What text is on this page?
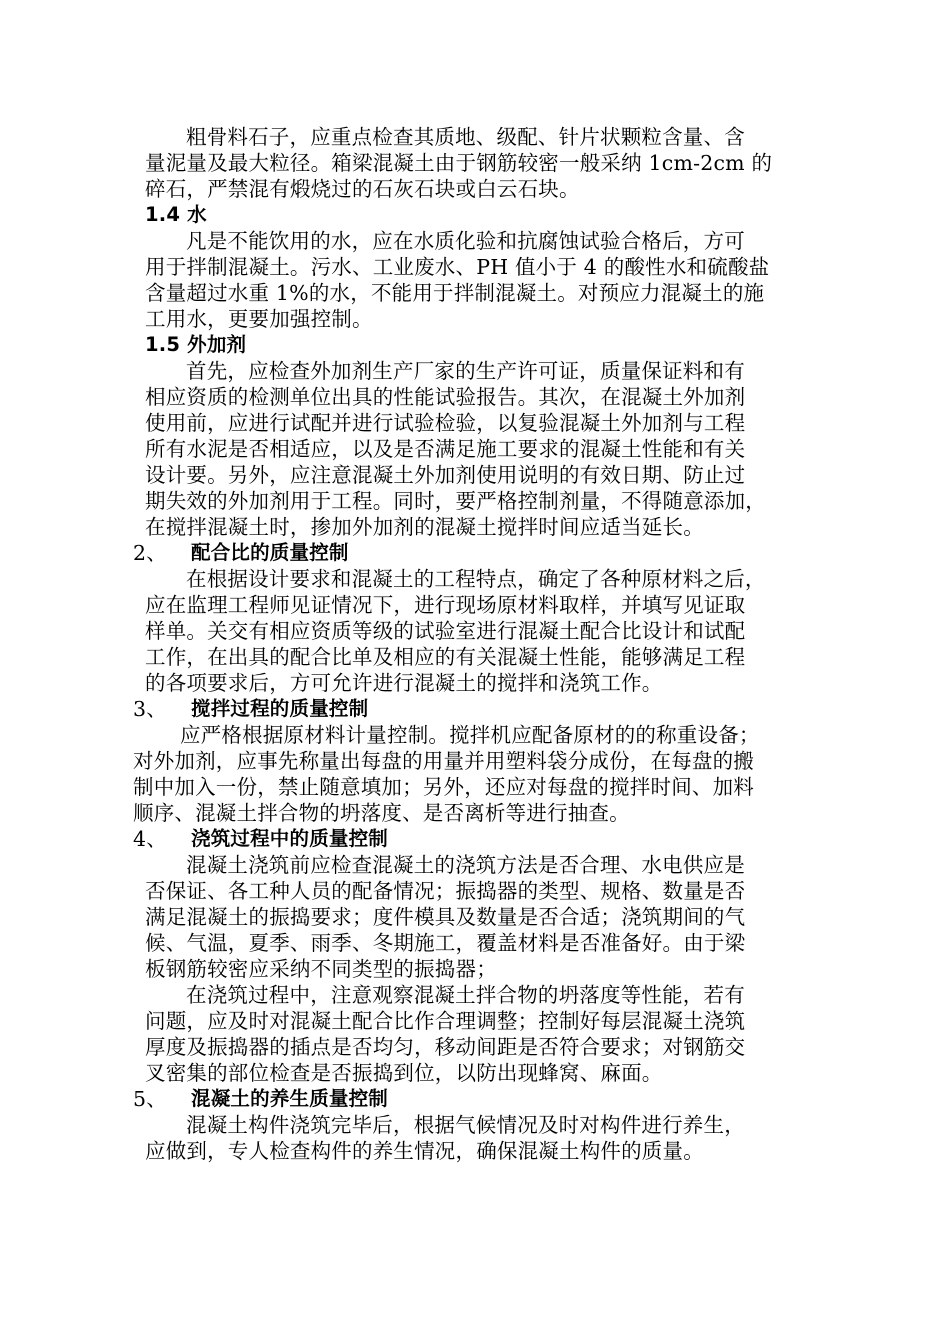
粗骨料石子，应重点检查其质地、级配、针片状颗粒含量、含
量泥量及最大粒径。箱梁混凝土由于钢筋较密一般采纳 1cm-2cm 的
碎石，严禁混有煅烧过的石灰石块或白云石块。
1.4 水
凡是不能饮用的水，应在水质化验和抗腐蚀试验合格后，方可
用于拌制混凝土。污水、工业废水、PH 值小于 4 的酸性水和硫酸盐
含量超过水重 1%的水，不能用于拌制混凝土。对预应力混凝土的施
工用水，更要加强控制。
1.5 外加剂
首先，应检查外加剂生产厂家的生产许可证，质量保证料和有
相应资质的检测单位出具的性能试验报告。其次，在混凝土外加剂
使用前，应进行试配并进行试验检验，以复验混凝土外加剂与工程
所有水泥是否相适应，以及是否满足施工要求的混凝土性能和有关
设计要。另外，应注意混凝土外加剂使用说明的有效日期、防止过
期失效的外加剂用于工程。同时，要严格控制剂量，不得随意添加，
在搅拌混凝土时，掺加外加剂的混凝土搅拌时间应适当延长。
2、 配合比的质量控制
在根据设计要求和混凝土的工程特点，确定了各种原材料之后，
应在监理工程师见证情况下，进行现场原材料取样，并填写见证取
样单。关交有相应资质等级的试验室进行混凝土配合比设计和试配
工作，在出具的配合比单及相应的有关混凝土性能，能够满足工程
的各项要求后，方可允许进行混凝土的搅拌和浇筑工作。
3、 搅拌过程的质量控制
应严格根据原材料计量控制。搅拌机应配备原材的的称重设备；
对外加剂，应事先称量出每盘的用量并用塑料袋分成份，在每盘的搬
制中加入一份，禁止随意填加；另外，还应对每盘的搅拌时间、加料
顺序、混凝土拌合物的坍落度、是否离析等进行抽查。
4、 浇筑过程中的质量控制
混凝土浇筑前应检查混凝土的浇筑方法是否合理、水电供应是
否保证、各工种人员的配备情况；振捣器的类型、规格、数量是否
满足混凝土的振捣要求；度件模具及数量是否合适；浇筑期间的气
候、气温，夏季、雨季、冬期施工，覆盖材料是否准备好。由于梁
板钢筋较密应采纳不同类型的振捣器；
在浇筑过程中，注意观察混凝土拌合物的坍落度等性能，若有
问题，应及时对混凝土配合比作合理调整；控制好每层混凝土浇筑
厚度及振捣器的插点是否均匀，移动间距是否符合要求；对钢筋交
叉密集的部位检查是否振捣到位，以防出现蜂窝、麻面。
5、 混凝土的养生质量控制
混凝土构件浇筑完毕后，根据气候情况及时对构件进行养生，
应做到，专人检查构件的养生情况，确保混凝土构件的质量。
